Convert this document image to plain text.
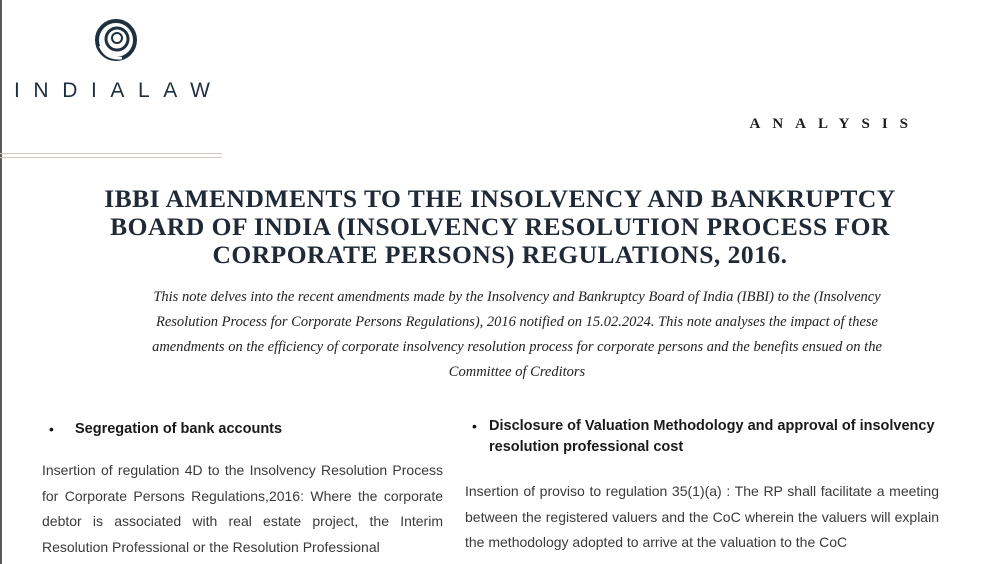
INDIALAW
ANALYSIS
IBBI AMENDMENTS TO THE INSOLVENCY AND BANKRUPTCY
BOARD OF INDIA (INSOLVENCY RESOLUTION PROCESS FOR
CORPORATE PERSONS) REGULATIONS, 2016.
This note delves into the recent amendments made by the Insolvency and Bankruptcy Board of India (IBBI) to the (Insolvency
Resolution Process for Corporate Persons Regulations), 2016 notified on 15.02.2024. This note analyses the impact of these
amendments on the efficiency of corporate insolvency resolution process for corporate persons and the benefits ensued on the
Committee of Creditors
• Segregation of bank accounts
Insertion of regulation 4D to the Insolvency Resolution Process for Corporate Persons Regulations,2016: Where the corporate debtor is associated with real estate project, the Interim Resolution Professional or the Resolution Professional
• Disclosure of Valuation Methodology and approval of insolvency resolution professional cost
Insertion of proviso to regulation 35(1)(a) : The RP shall facilitate a meeting between the registered valuers and the CoC wherein the valuers will explain the methodology adopted to arrive at the valuation to the CoC
